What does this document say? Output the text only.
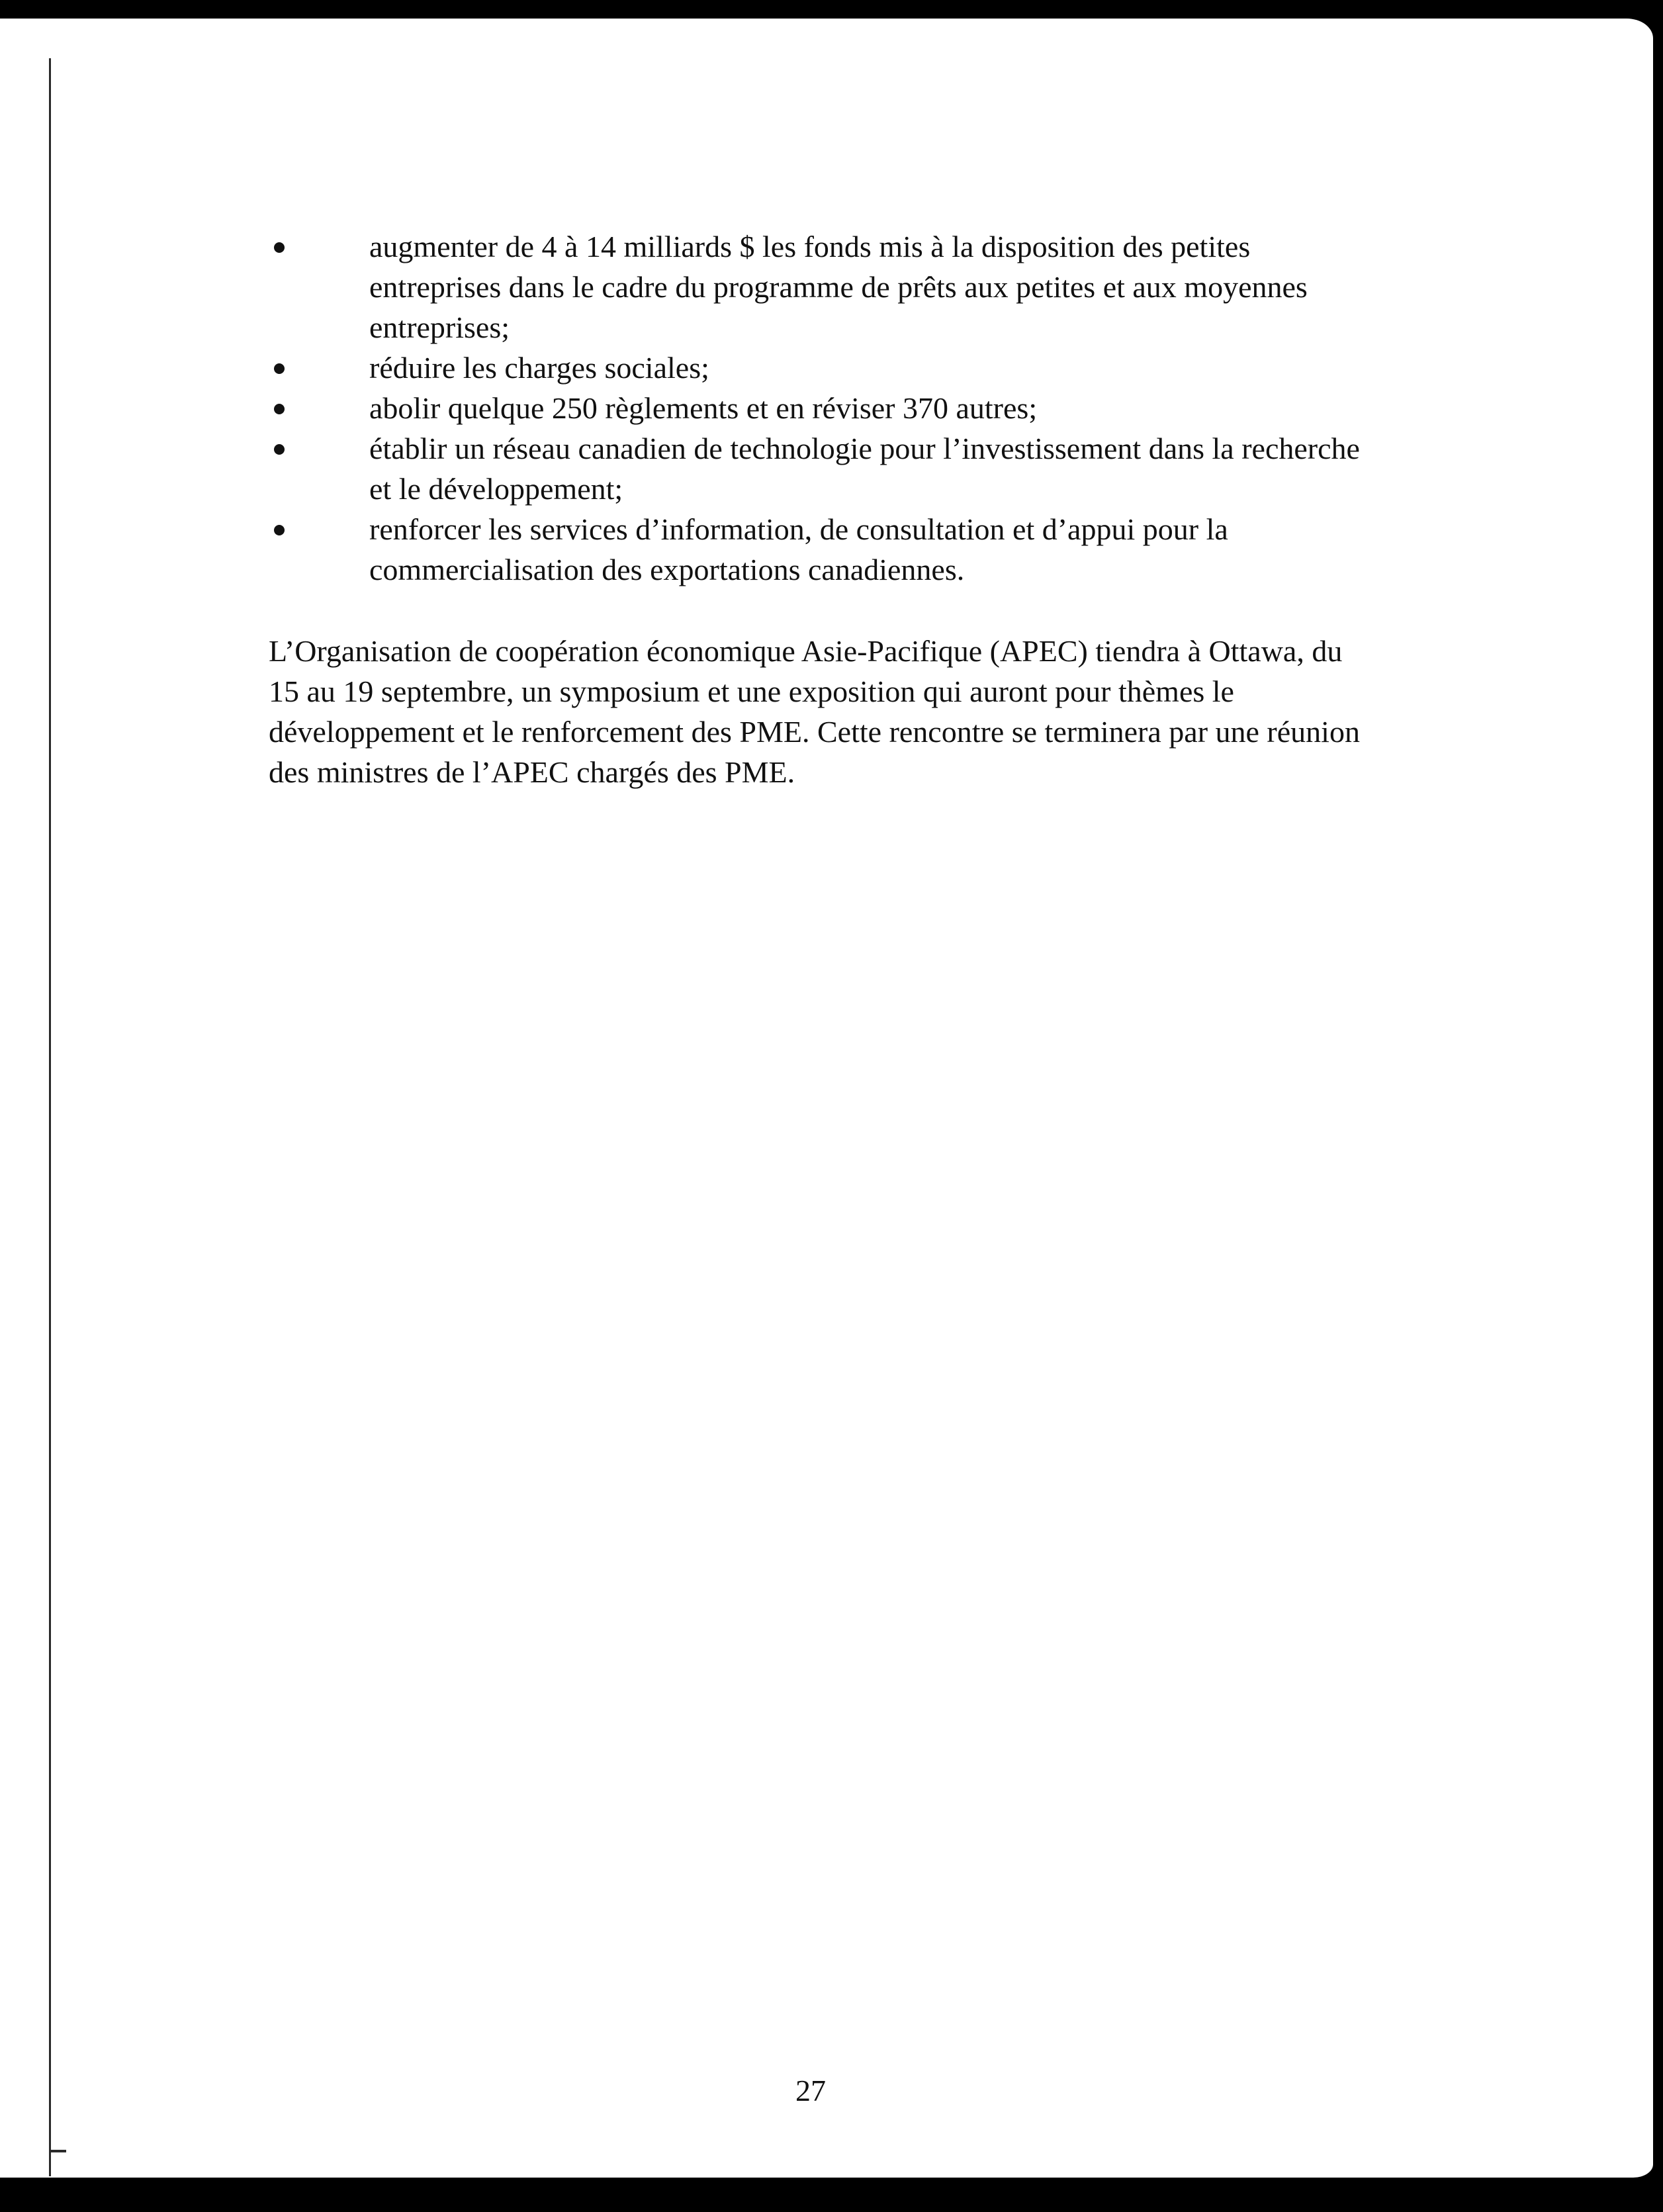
augmenter de 4 à 14 milliards $ les fonds mis à la disposition des petites entreprises dans le cadre du programme de prêts aux petites et aux moyennes entreprises;
réduire les charges sociales;
abolir quelque 250 règlements et en réviser 370 autres;
établir un réseau canadien de technologie pour l’investissement dans la recherche et le développement;
renforcer les services d’information, de consultation et d’appui pour la commercialisation des exportations canadiennes.

L’Organisation de coopération économique Asie-Pacifique (APEC) tiendra à Ottawa, du 15 au 19 septembre, un symposium et une exposition qui auront pour thèmes le développement et le renforcement des PME. Cette rencontre se terminera par une réunion des ministres de l’APEC chargés des PME.

27
